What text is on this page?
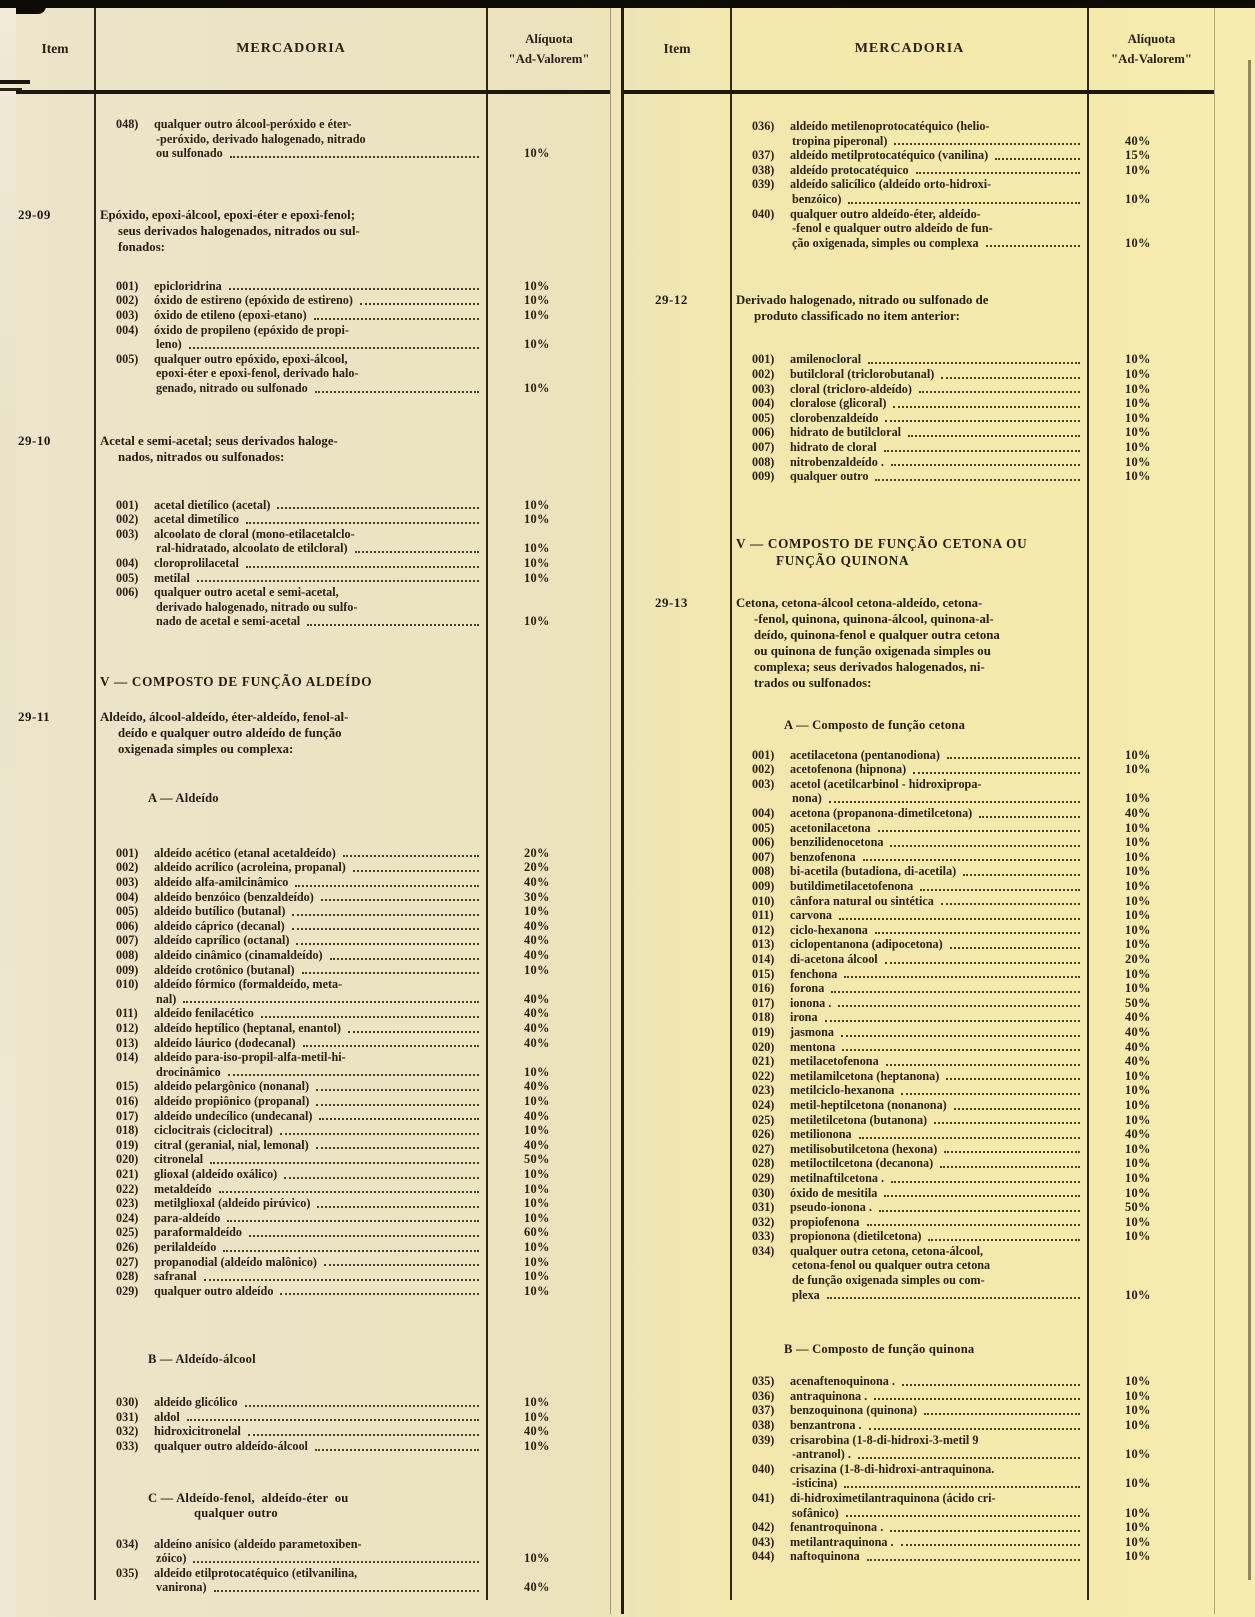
Item	MERCADORIA
Alíquota
"Ad-Valorem"
048)	qualquer outro álcool-peróxido e éter-
-peróxido, derivado halogenado, nitrado
ou sulfonado	10%
29-09	Epóxido, epoxi-álcool, epoxi-éter e epoxi-fenol;
seus derivados halogenados, nitrados ou sul-
fonados:
001)	epicloridrina	10%
002)	óxido de estireno (epóxido de estireno)	10%
003)	óxido de etileno (epoxi-etano)	10%
004)	óxido de propileno (epóxido de propi-
leno)	10%
005)	qualquer outro epóxido, epoxi-álcool,
epoxi-éter e epoxi-fenol, derivado halo-
genado, nitrado ou sulfonado	10%
29-10	Acetal e semi-acetal; seus derivados haloge-
nados, nitrados ou sulfonados:
001)	acetal dietílico (acetal)	10%
002)	acetal dimetílico	10%
003)	alcoolato de cloral (mono-etilacetalclo-
ral-hidratado, alcoolato de etilcloral)	10%
004)	cloroprolilacetal	10%
005)	metilal	10%
006)	qualquer outro acetal e semi-acetal,
derivado halogenado, nitrado ou sulfo-
nado de acetal e semi-acetal	10%
V — COMPOSTO DE FUNÇÃO ALDEÍDO
29-11	Aldeído, álcool-aldeído, éter-aldeído, fenol-al-
deído e qualquer outro aldeído de função
oxigenada simples ou complexa:
A — Aldeído
001)	aldeído acético (etanal acetaldeído)	20%
002)	aldeído acrílico (acroleina, propanal)	20%
003)	aldeído alfa-amilcinâmico	40%
004)	aldeído benzóico (benzaldeído)	30%
005)	aldeído butílico (butanal)	10%
006)	aldeído cáprico (decanal)	40%
007)	aldeído caprílico (octanal)	40%
008)	aldeído cinâmico (cinamaldeído)	40%
009)	aldeído crotônico (butanal)	10%
010)	aldeído fórmico (formaldeído, meta-
nal)	40%
011)	aldeído fenilacético	40%
012)	aldeído heptílico (heptanal, enantol)	40%
013)	aldeído láurico (dodecanal)	40%
014)	aldeído para-iso-propil-alfa-metil-hi-
drocinâmico	10%
015)	aldeído pelargônico (nonanal)	40%
016)	aldeído propiônico (propanal)	10%
017)	aldeído undecílico (undecanal)	40%
018)	ciclocitrais (ciclocitral)	10%
019)	citral (geranial, nial, lemonal)	40%
020)	citronelal	50%
021)	glioxal (aldeído oxálico)	10%
022)	metaldeído	10%
023)	metilglioxal (aldeído pirúvico)	10%
024)	para-aldeído	10%
025)	paraformaldeído	60%
026)	perilaldeído	10%
027)	propanodial (aldeído malônico)	10%
028)	safranal	10%
029)	qualquer outro aldeído	10%
B — Aldeído-álcool
030)	aldeído glicólico	10%
031)	aldol	10%
032)	hidroxicitronelal	40%
033)	qualquer outro aldeído-álcool	10%
C — Aldeído-fenol,  aldeído-éter  ou
qualquer outro
034)	aldeíno anísico (aldeído parametoxiben-
zóico)	10%
035)	aldeído etilprotocatéquico (etilvanilina,
vanirona)	40%
Item	MERCADORIA
Alíquota
"Ad-Valorem"
036)	aldeído metilenoprotocatéquico (helio-
tropina piperonal)	40%
037)	aldeído metilprotocatéquico (vanilina)	15%
038)	aldeído protocatéquico	10%
039)	aldeído salicílico (aldeído orto-hidroxi-
benzóico)	10%
040)	qualquer outro aldeído-éter, aldeído-
-fenol e qualquer outro aldeído de fun-
ção oxigenada, simples ou complexa	10%
29-12	Derivado halogenado, nitrado ou sulfonado de
produto classificado no item anterior:
001)	amilenocloral	10%
002)	butilcloral (triclorobutanal)	10%
003)	cloral (tricloro-aldeído)	10%
004)	cloralose (glicoral)	10%
005)	clorobenzaldeído	10%
006)	hidrato de butilcloral	10%
007)	hidrato de cloral	10%
008)	nitrobenzaldeído .	10%
009)	qualquer outro	10%
V — COMPOSTO DE FUNÇÃO CETONA OU
FUNÇÃO QUINONA
29-13	Cetona, cetona-álcool cetona-aldeído, cetona-
-fenol, quinona, quinona-álcool, quinona-al-
deído, quinona-fenol e qualquer outra cetona
ou quinona de função oxigenada simples ou
complexa; seus derivados halogenados, ni-
trados ou sulfonados:
A — Composto de função cetona
001)	acetilacetona (pentanodiona)	10%
002)	acetofenona (hipnona)	10%
003)	acetol (acetilcarbinol - hidroxipropa-
nona)	10%
004)	acetona (propanona-dimetilcetona)	40%
005)	acetonilacetona	10%
006)	benzilidenocetona	10%
007)	benzofenona	10%
008)	bi-acetila (butadiona, di-acetila)	10%
009)	butildimetilacetofenona	10%
010)	cânfora natural ou sintética	10%
011)	carvona	10%
012)	ciclo-hexanona	10%
013)	ciclopentanona (adipocetona)	10%
014)	di-acetona álcool	20%
015)	fenchona	10%
016)	forona	10%
017)	ionona .	50%
018)	irona	40%
019)	jasmona	40%
020)	mentona	40%
021)	metilacetofenona	40%
022)	metilamilcetona (heptanona)	10%
023)	metilciclo-hexanona	10%
024)	metil-heptilcetona (nonanona)	10%
025)	metiletilcetona (butanona)	10%
026)	metilionona	40%
027)	metilisobutilcetona (hexona)	10%
028)	metiloctilcetona (decanona)	10%
029)	metilnaftilcetona .	10%
030)	óxido de mesitila	10%
031)	pseudo-ionona .	50%
032)	propiofenona	10%
033)	propionona (dietilcetona)	10%
034)	qualquer outra cetona, cetona-álcool,
cetona-fenol ou qualquer outra cetona
de função oxigenada simples ou com-
plexa	10%
B — Composto de função quinona
035)	acenaftenoquinona .	10%
036)	antraquinona .	10%
037)	benzoquinona (quinona)	10%
038)	benzantrona .	10%
039)	crisarobina (1-8-di-hidroxi-3-metil 9
-antranol) .	10%
040)	crisazina (1-8-di-hidroxi-antraquinona.
-isticina)	10%
041)	di-hidroximetilantraquinona (ácido cri-
sofânico)	10%
042)	fenantroquinona .	10%
043)	metilantraquinona .	10%
044)	naftoquinona	10%
